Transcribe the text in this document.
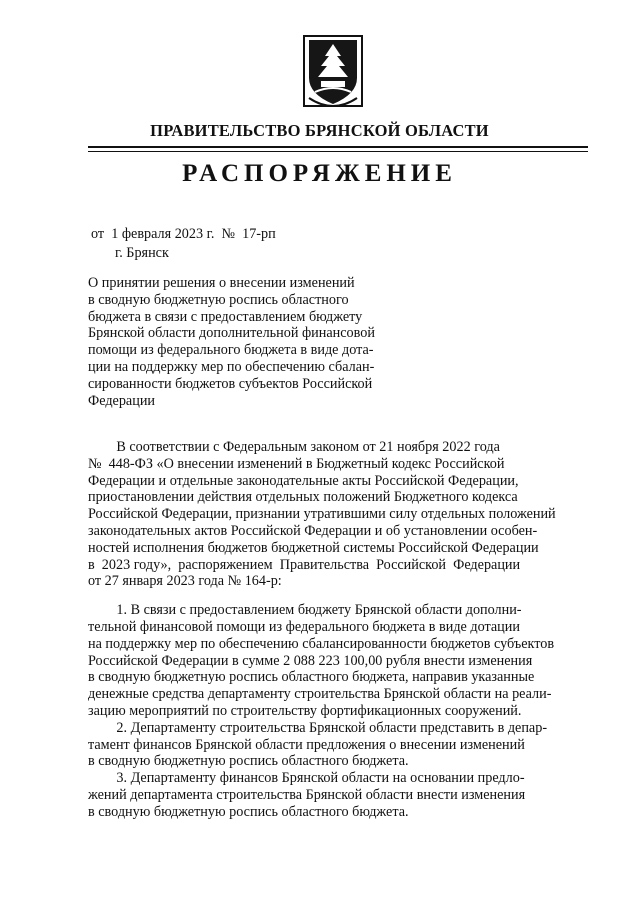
ПРАВИТЕЛЬСТВО БРЯНСКОЙ ОБЛАСТИ
РАСПОРЯЖЕНИЕ
от  1 февраля 2023 г.  №  17-рп
г. Брянск
О принятии решения о внесении изменений
в сводную бюджетную роспись областного
бюджета в связи с предоставлением бюджету
Брянской области дополнительной финансовой
помощи из федерального бюджета в виде дота-
ции на поддержку мер по обеспечению сбалан-
сированности бюджетов субъектов Российской
Федерации
В соответствии с Федеральным законом от 21 ноября 2022 года
№  448-ФЗ «О внесении изменений в Бюджетный кодекс Российской
Федерации и отдельные законодательные акты Российской Федерации,
приостановлении действия отдельных положений Бюджетного кодекса
Российской Федерации, признании утратившими силу отдельных положений
законодательных актов Российской Федерации и об установлении особен-
ностей исполнения бюджетов бюджетной системы Российской Федерации
в  2023 году»,  распоряжением  Правительства  Российской  Федерации
от 27 января 2023 года № 164-р:
1. В связи с предоставлением бюджету Брянской области дополни-
тельной финансовой помощи из федерального бюджета в виде дотации
на поддержку мер по обеспечению сбалансированности бюджетов субъектов
Российской Федерации в сумме 2 088 223 100,00 рубля внести изменения
в сводную бюджетную роспись областного бюджета, направив указанные
денежные средства департаменту строительства Брянской области на реали-
зацию мероприятий по строительству фортификационных сооружений.
2. Департаменту строительства Брянской области представить в депар-
тамент финансов Брянской области предложения о внесении изменений
в сводную бюджетную роспись областного бюджета.
3. Департаменту финансов Брянской области на основании предло-
жений департамента строительства Брянской области внести изменения
в сводную бюджетную роспись областного бюджета.
